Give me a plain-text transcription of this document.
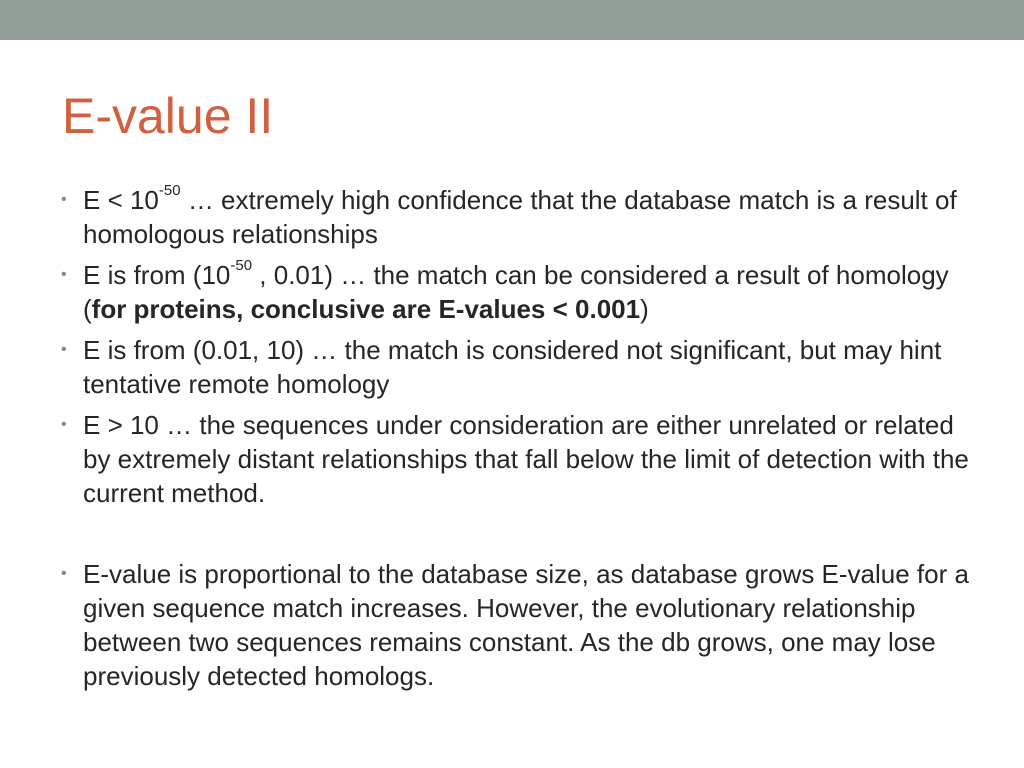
E-value II
• $E < 10^{-50}$ … extremely high confidence that the database match is a result of homologous relationships
• E is from ($10^{-50}$ , 0.01) … the match can be considered a result of homology (for proteins, conclusive are E-values < 0.001)
• E is from (0.01, 10) … the match is considered not significant, but may hint tentative remote homology
• E > 10 … the sequences under consideration are either unrelated or related by extremely distant relationships that fall below the limit of detection with the current method.
• E-value is proportional to the database size, as database grows E-value for a given sequence match increases. However, the evolutionary relationship between two sequences remains constant. As the db grows, one may lose previously detected homologs.
